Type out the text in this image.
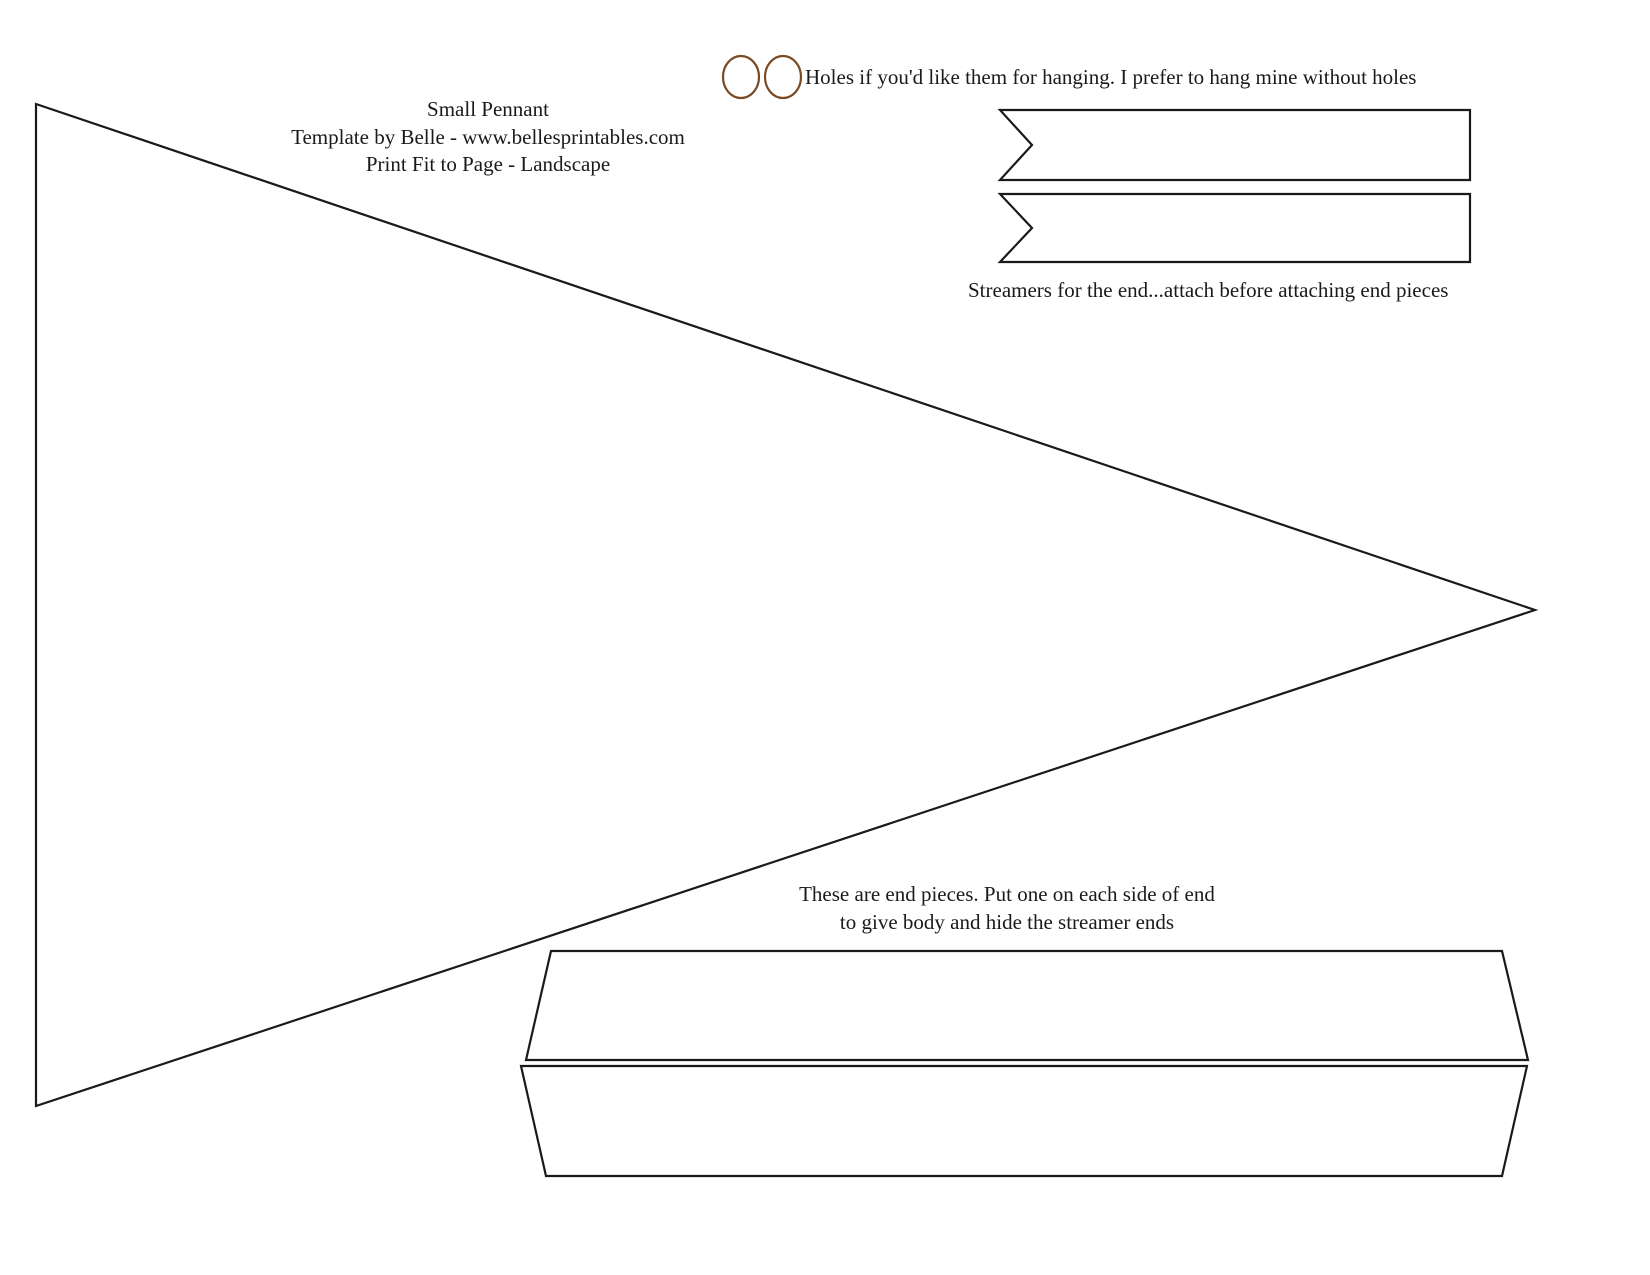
Small Pennant
Template by Belle - www.bellesprintables.com
Print Fit to Page - Landscape
Holes if you'd like them for hanging. I prefer to hang mine without holes
Streamers for the end...attach before attaching end pieces
These are end pieces. Put one on each side of end
to give body and hide the streamer ends
